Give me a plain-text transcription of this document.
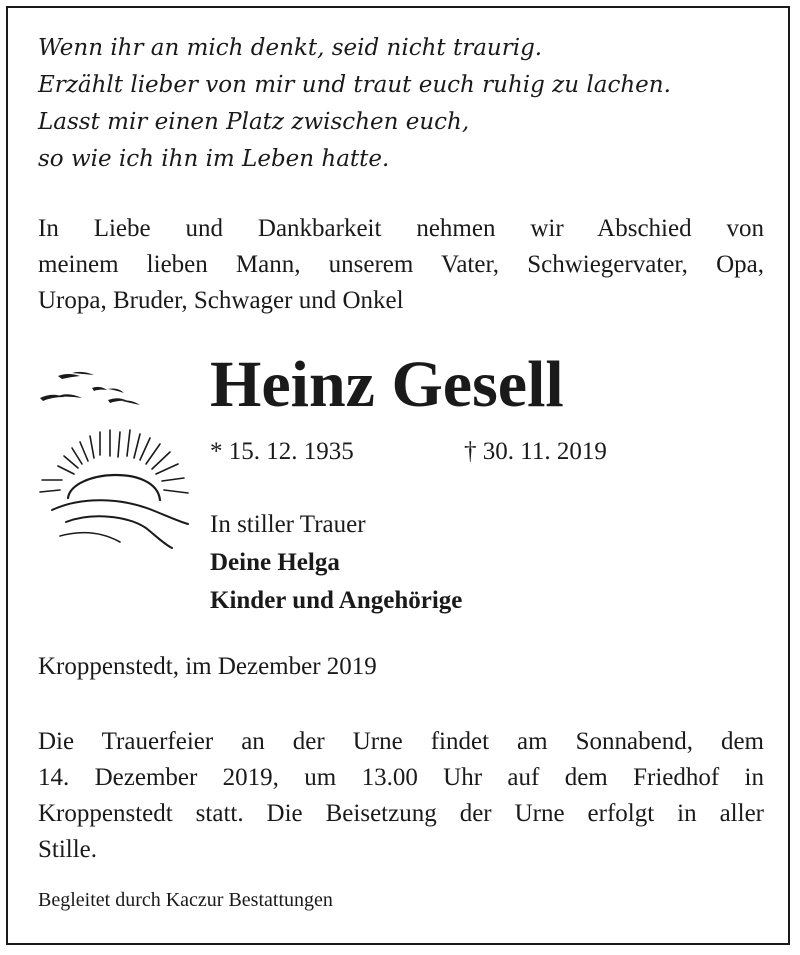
Wenn ihr an mich denkt, seid nicht traurig.
Erzählt lieber von mir und traut euch ruhig zu lachen.
Lasst mir einen Platz zwischen euch,
so wie ich ihn im Leben hatte.
In Liebe und Dankbarkeit nehmen wir Abschied von
meinem lieben Mann, unserem Vater, Schwiegervater, Opa,
Uropa, Bruder, Schwager und Onkel
Heinz Gesell
* 15. 12. 1935	† 30. 11. 2019
In stiller Trauer
Deine Helga
Kinder und Angehörige
Kroppenstedt, im Dezember 2019
Die Trauerfeier an der Urne findet am Sonnabend, dem
14. Dezember 2019, um 13.00 Uhr auf dem Friedhof in
Kroppenstedt statt. Die Beisetzung der Urne erfolgt in aller
Stille.
Begleitet durch Kaczur Bestattungen
